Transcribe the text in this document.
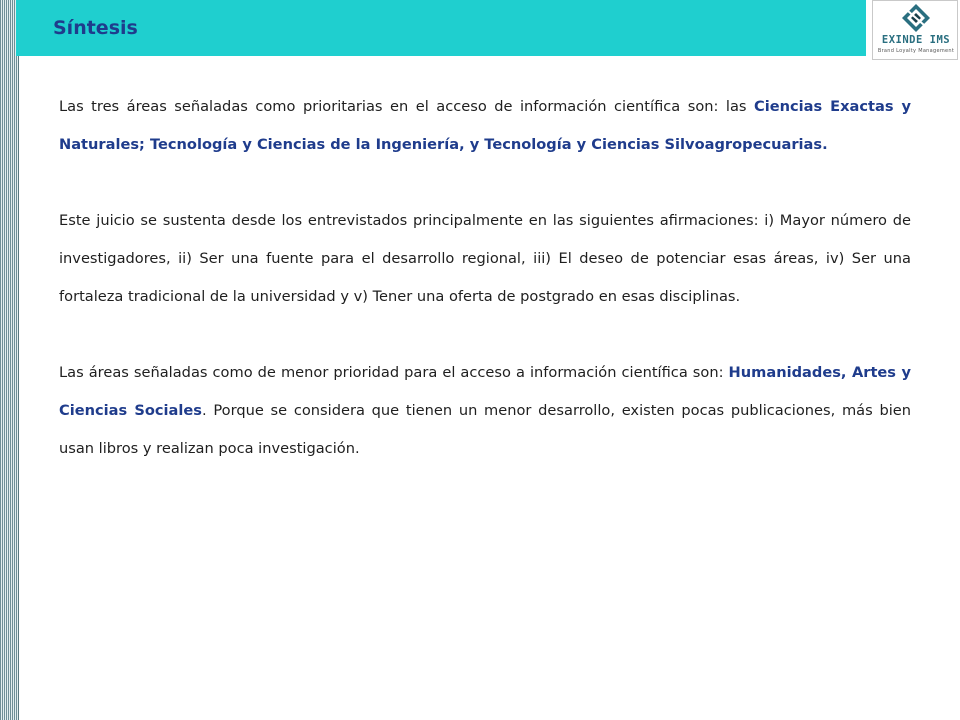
Síntesis
EXINDE IMS
Brand Loyalty Management

Las tres áreas señaladas como prioritarias en el acceso de información científica son: las Ciencias Exactas y Naturales; Tecnología y Ciencias de la Ingeniería, y Tecnología y Ciencias Silvoagropecuarias.

Este juicio se sustenta desde los entrevistados principalmente en las siguientes afirmaciones: i) Mayor número de investigadores, ii) Ser una fuente para el desarrollo regional, iii) El deseo de potenciar esas áreas, iv) Ser una fortaleza tradicional de la universidad y v) Tener una oferta de postgrado en esas disciplinas.

Las áreas señaladas como de menor prioridad para el acceso a información científica son: Humanidades, Artes y Ciencias Sociales. Porque se considera que tienen un menor desarrollo, existen pocas publicaciones, más bien usan libros y realizan poca investigación.
